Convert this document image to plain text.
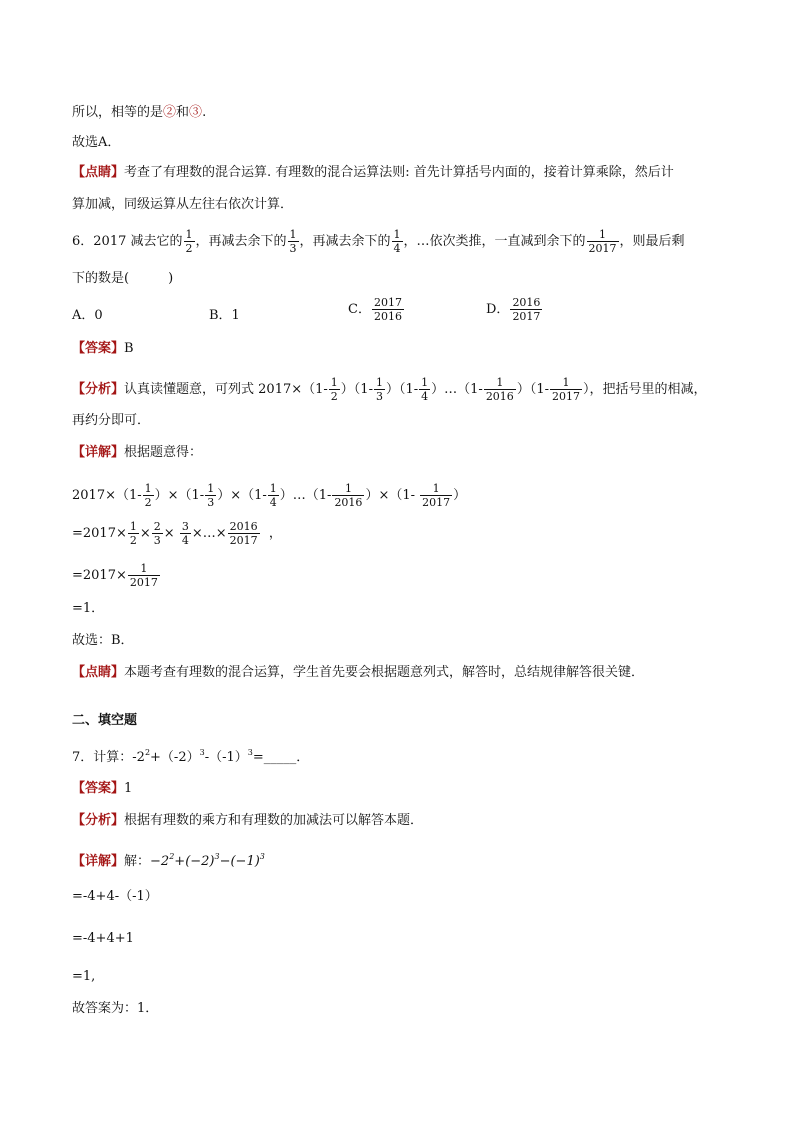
所以，相等的是②和③.
故选A．
【点睛】考查了有理数的混合运算. 有理数的混合运算法则: 首先计算括号内面的，接着计算乘除，然后计
算加减，同级运算从左往右依次计算．
6．2017 减去它的 $\frac{1}{2}$ ，再减去余下的 $\frac{1}{3}$ ，再减去余下的 $\frac{1}{4}$ ，…依次类推，一直减到余下的 $\frac{1}{2017}$ ，则最后剩
下的数是(　　　)
A．0	B．1	C． $\frac{2017}{2016}$	D． $\frac{2016}{2017}$
【答案】B
【分析】认真读懂题意，可列式 $2017\times(1- \frac{1}{2} )(1- \frac{1}{3} )(1- \frac{1}{4}$ ）…（1- $\frac{1}{2016} )(1- \frac{1}{2017}$ ），把括号里的相减，
再约分即可．
【详解】根据题意得：
$2017\times(1- \frac{1}{2} )\times(1- \frac{1}{3} )\times(1- \frac{1}{4}$ ）…（1- $\frac{1}{2016} )\times(1- \frac{1}{2017}$ ）
$=2017\times \frac{1}{2} \times \frac{2}{3} \times \frac{3}{4}$ ×…× $\frac{2016}{2017}$ ，
$=2017\times \frac{1}{2017}$
=1．
故选：B．
【点睛】本题考查有理数的混合运算，学生首先要会根据题意列式，解答时，总结规律解答很关键．
二、填空题
7．计算：$-2^2+(-2)^3-(-1)^3=\_\_\_\_\_$．
【答案】1
【分析】根据有理数的乘方和有理数的加减法可以解答本题．
【详解】解：$-2^2+(-2)^3-(-1)^3$
=-4+4-（-1）
=-4+4+1
=1,
故答案为：1．
